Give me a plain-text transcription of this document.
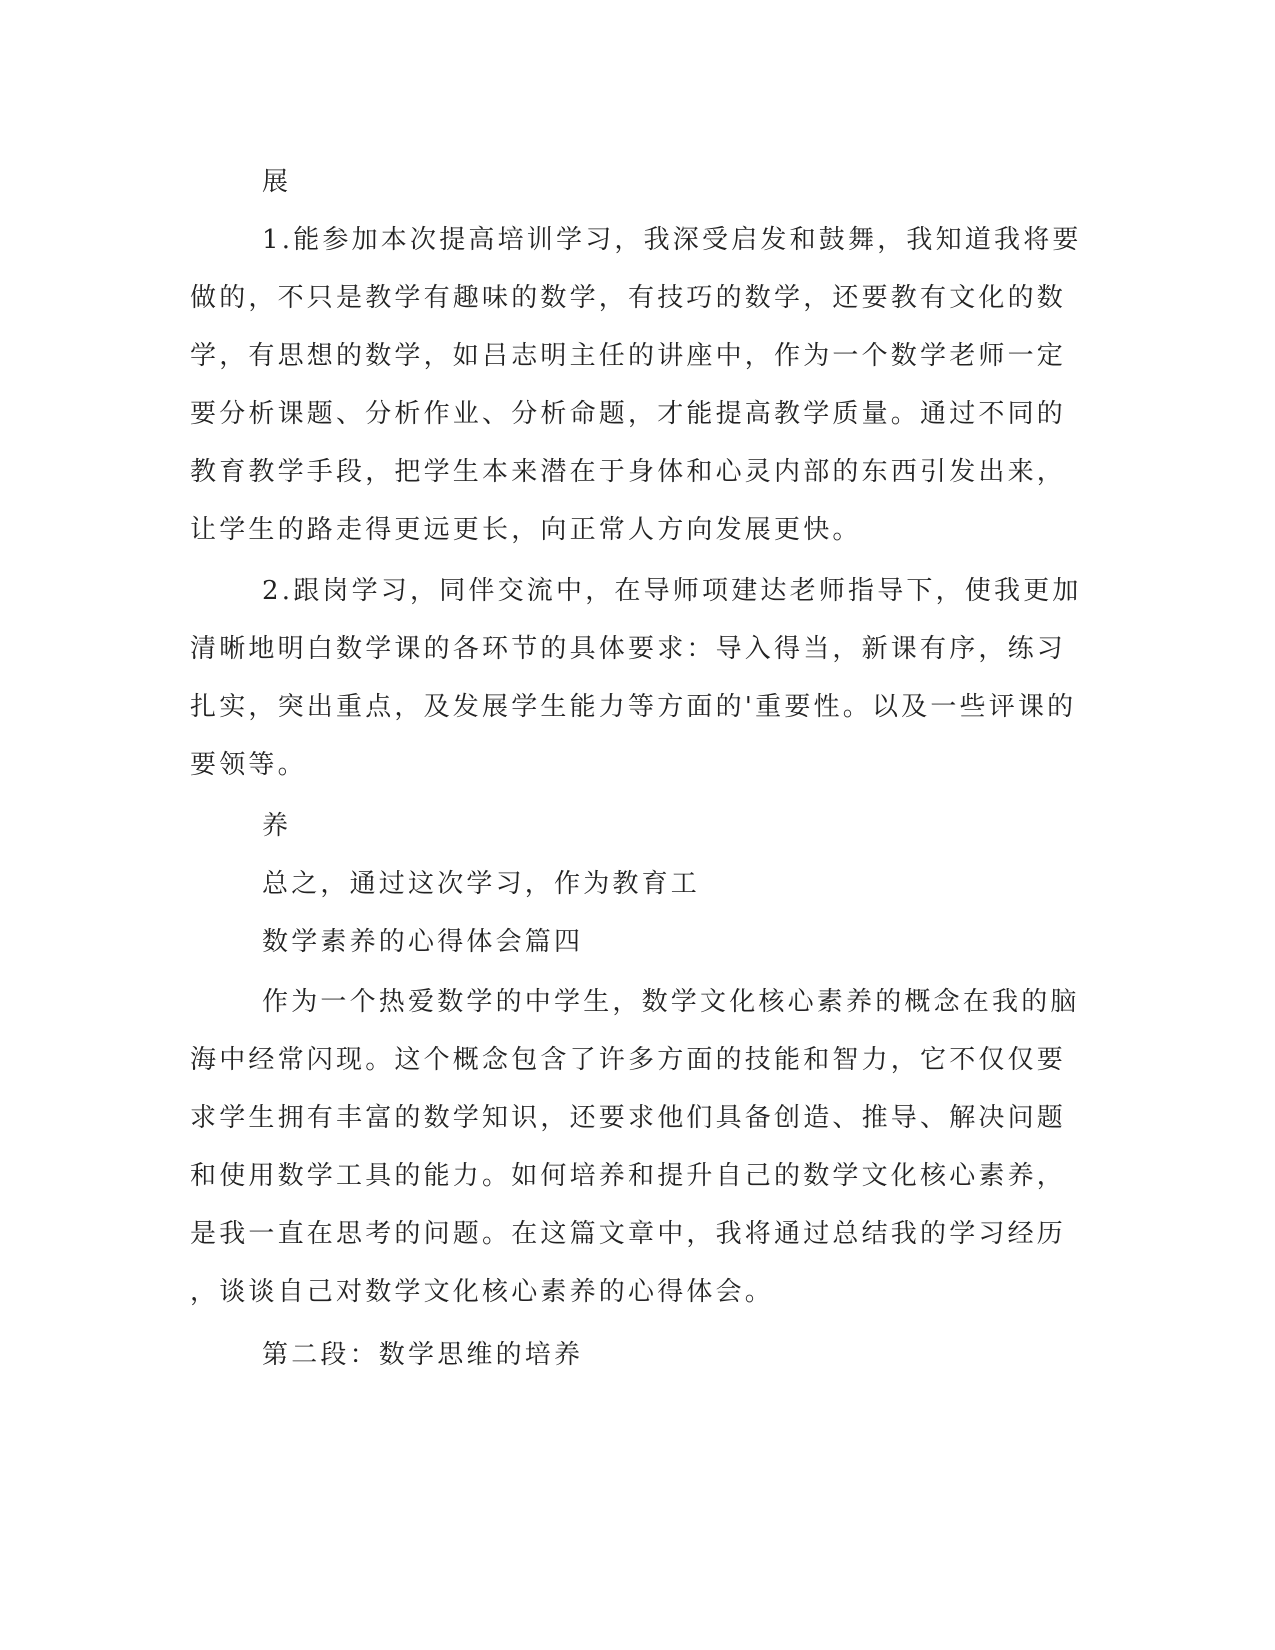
展
1.能参加本次提高培训学习，我深受启发和鼓舞，我知道我将要
做的，不只是教学有趣味的数学，有技巧的数学，还要教有文化的数
学，有思想的数学，如吕志明主任的讲座中，作为一个数学老师一定
要分析课题、分析作业、分析命题，才能提高教学质量。通过不同的
教育教学手段，把学生本来潜在于身体和心灵内部的东西引发出来，
让学生的路走得更远更长，向正常人方向发展更快。
2.跟岗学习，同伴交流中，在导师项建达老师指导下，使我更加
清晰地明白数学课的各环节的具体要求：导入得当，新课有序，练习
扎实，突出重点，及发展学生能力等方面的'重要性。以及一些评课的
要领等。
养
总之，通过这次学习，作为教育工
数学素养的心得体会篇四
作为一个热爱数学的中学生，数学文化核心素养的概念在我的脑
海中经常闪现。这个概念包含了许多方面的技能和智力，它不仅仅要
求学生拥有丰富的数学知识，还要求他们具备创造、推导、解决问题
和使用数学工具的能力。如何培养和提升自己的数学文化核心素养，
是我一直在思考的问题。在这篇文章中，我将通过总结我的学习经历
，谈谈自己对数学文化核心素养的心得体会。
第二段：数学思维的培养
